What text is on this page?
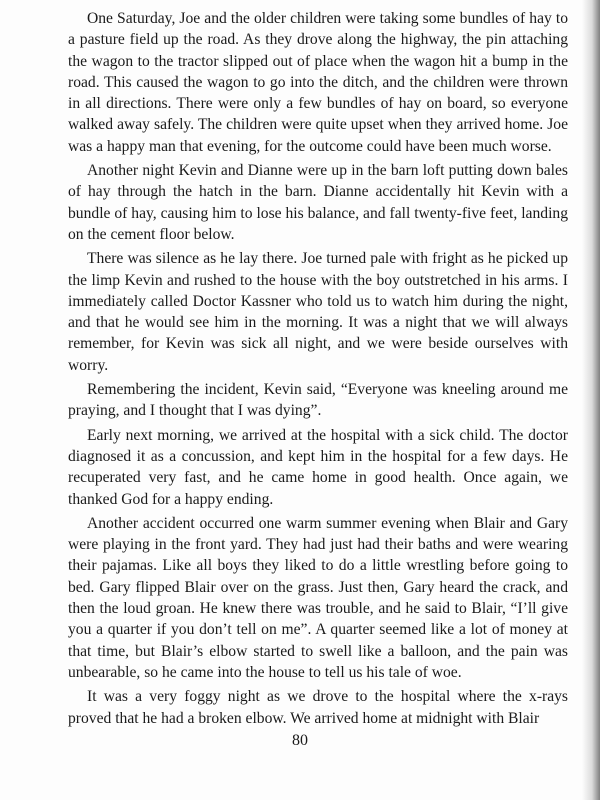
One Saturday, Joe and the older children were taking some bundles of hay to a pasture field up the road. As they drove along the highway, the pin attaching the wagon to the tractor slipped out of place when the wagon hit a bump in the road. This caused the wagon to go into the ditch, and the children were thrown in all directions. There were only a few bundles of hay on board, so everyone walked away safely. The children were quite upset when they arrived home. Joe was a happy man that evening, for the outcome could have been much worse.

Another night Kevin and Dianne were up in the barn loft putting down bales of hay through the hatch in the barn. Dianne accidentally hit Kevin with a bundle of hay, causing him to lose his balance, and fall twenty-five feet, landing on the cement floor below.

There was silence as he lay there. Joe turned pale with fright as he picked up the limp Kevin and rushed to the house with the boy outstretched in his arms. I immediately called Doctor Kassner who told us to watch him during the night, and that he would see him in the morning. It was a night that we will always remember, for Kevin was sick all night, and we were beside ourselves with worry.

Remembering the incident, Kevin said, “Everyone was kneeling around me praying, and I thought that I was dying”.

Early next morning, we arrived at the hospital with a sick child. The doctor diagnosed it as a concussion, and kept him in the hospital for a few days. He recuperated very fast, and he came home in good health. Once again, we thanked God for a happy ending.

Another accident occurred one warm summer evening when Blair and Gary were playing in the front yard. They had just had their baths and were wearing their pajamas. Like all boys they liked to do a little wrestling before going to bed. Gary flipped Blair over on the grass. Just then, Gary heard the crack, and then the loud groan. He knew there was trouble, and he said to Blair, “I’ll give you a quarter if you don’t tell on me”. A quarter seemed like a lot of money at that time, but Blair’s elbow started to swell like a balloon, and the pain was unbearable, so he came into the house to tell us his tale of woe.

It was a very foggy night as we drove to the hospital where the x-rays proved that he had a broken elbow. We arrived home at midnight with Blair

80
